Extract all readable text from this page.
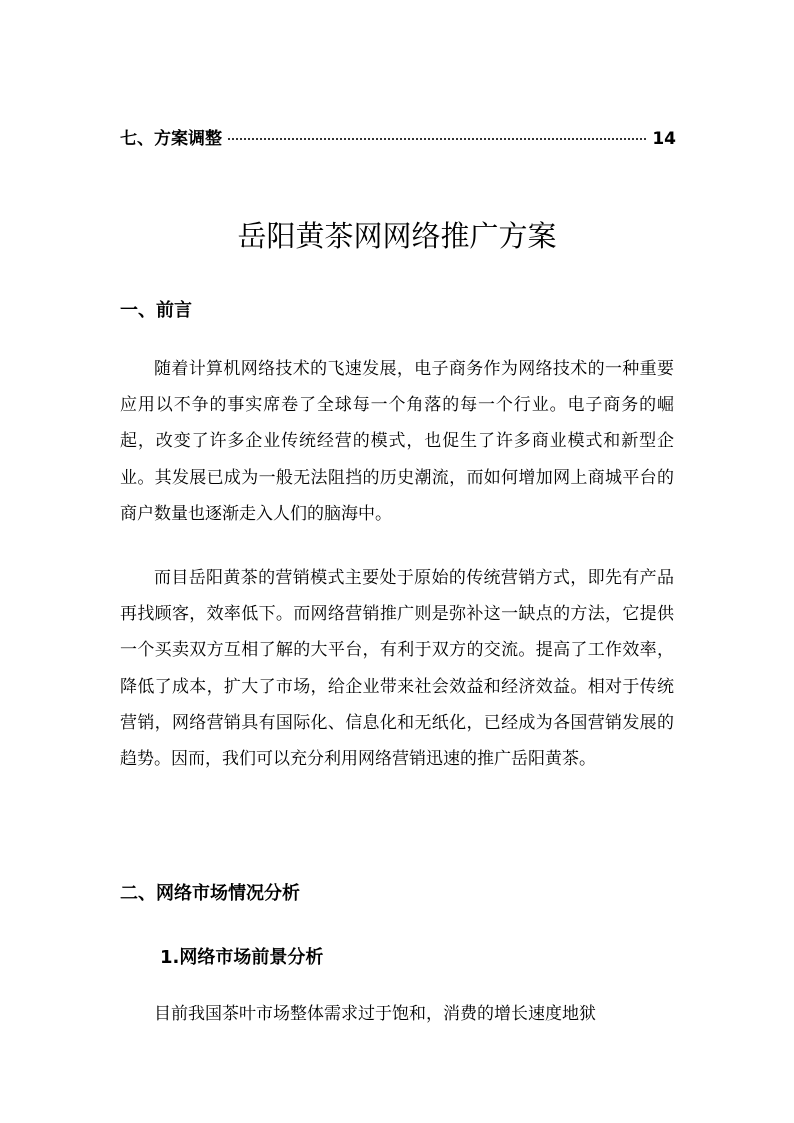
七、方案调整	14
岳阳黄茶网网络推广方案
一、前言

随着计算机网络技术的飞速发展，电子商务作为网络技术的一种重要应用以不争的事实席卷了全球每一个角落的每一个行业。电子商务的崛起，改变了许多企业传统经营的模式，也促生了许多商业模式和新型企业。其发展已成为一般无法阻挡的历史潮流，而如何增加网上商城平台的商户数量也逐渐走入人们的脑海中。

而目岳阳黄茶的营销模式主要处于原始的传统营销方式，即先有产品再找顾客，效率低下。而网络营销推广则是弥补这一缺点的方法，它提供一个买卖双方互相了解的大平台，有利于双方的交流。提高了工作效率，降低了成本，扩大了市场，给企业带来社会效益和经济效益。相对于传统营销，网络营销具有国际化、信息化和无纸化，已经成为各国营销发展的趋势。因而，我们可以充分利用网络营销迅速的推广岳阳黄茶。

二、网络市场情况分析
1.网络市场前景分析

目前我国茶叶市场整体需求过于饱和，消费的增长速度地狱
